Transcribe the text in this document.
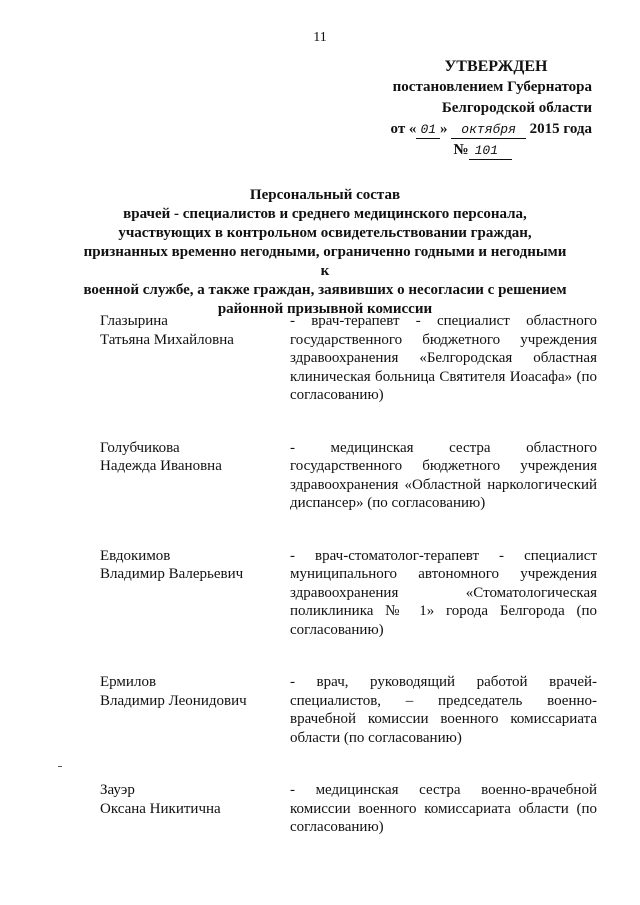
11
УТВЕРЖДЕН
постановлением Губернатора
Белгородской области
от « 01 » октября 2015 года
№ 101
Персональный состав
врачей - специалистов и среднего медицинского персонала,
участвующих в контрольном освидетельствовании граждан,
признанных временно негодными, ограниченно годными и негодными к
военной службе, а также граждан, заявивших о несогласии с решением
районной призывной комиссии
Глазырина
Татьяна Михайловна
- врач-терапевт - специалист областного государственного бюджетного учреждения здравоохранения «Белгородская областная клиническая больница Святителя Иоасафа» (по согласованию)
Голубчикова
Надежда Ивановна
- медицинская сестра областного государственного бюджетного учреждения здравоохранения «Областной наркологический диспансер» (по согласованию)
Евдокимов
Владимир Валерьевич
- врач-стоматолог-терапевт - специалист муниципального автономного учреждения здравоохранения «Стоматологическая поликлиника № 1» города Белгорода (по согласованию)
Ермилов
Владимир Леонидович
- врач, руководящий работой врачей-специалистов, – председатель военно-врачебной комиссии военного комиссариата области (по согласованию)
Зауэр
Оксана Никитична
- медицинская сестра военно-врачебной комиссии военного комиссариата области (по согласованию)
